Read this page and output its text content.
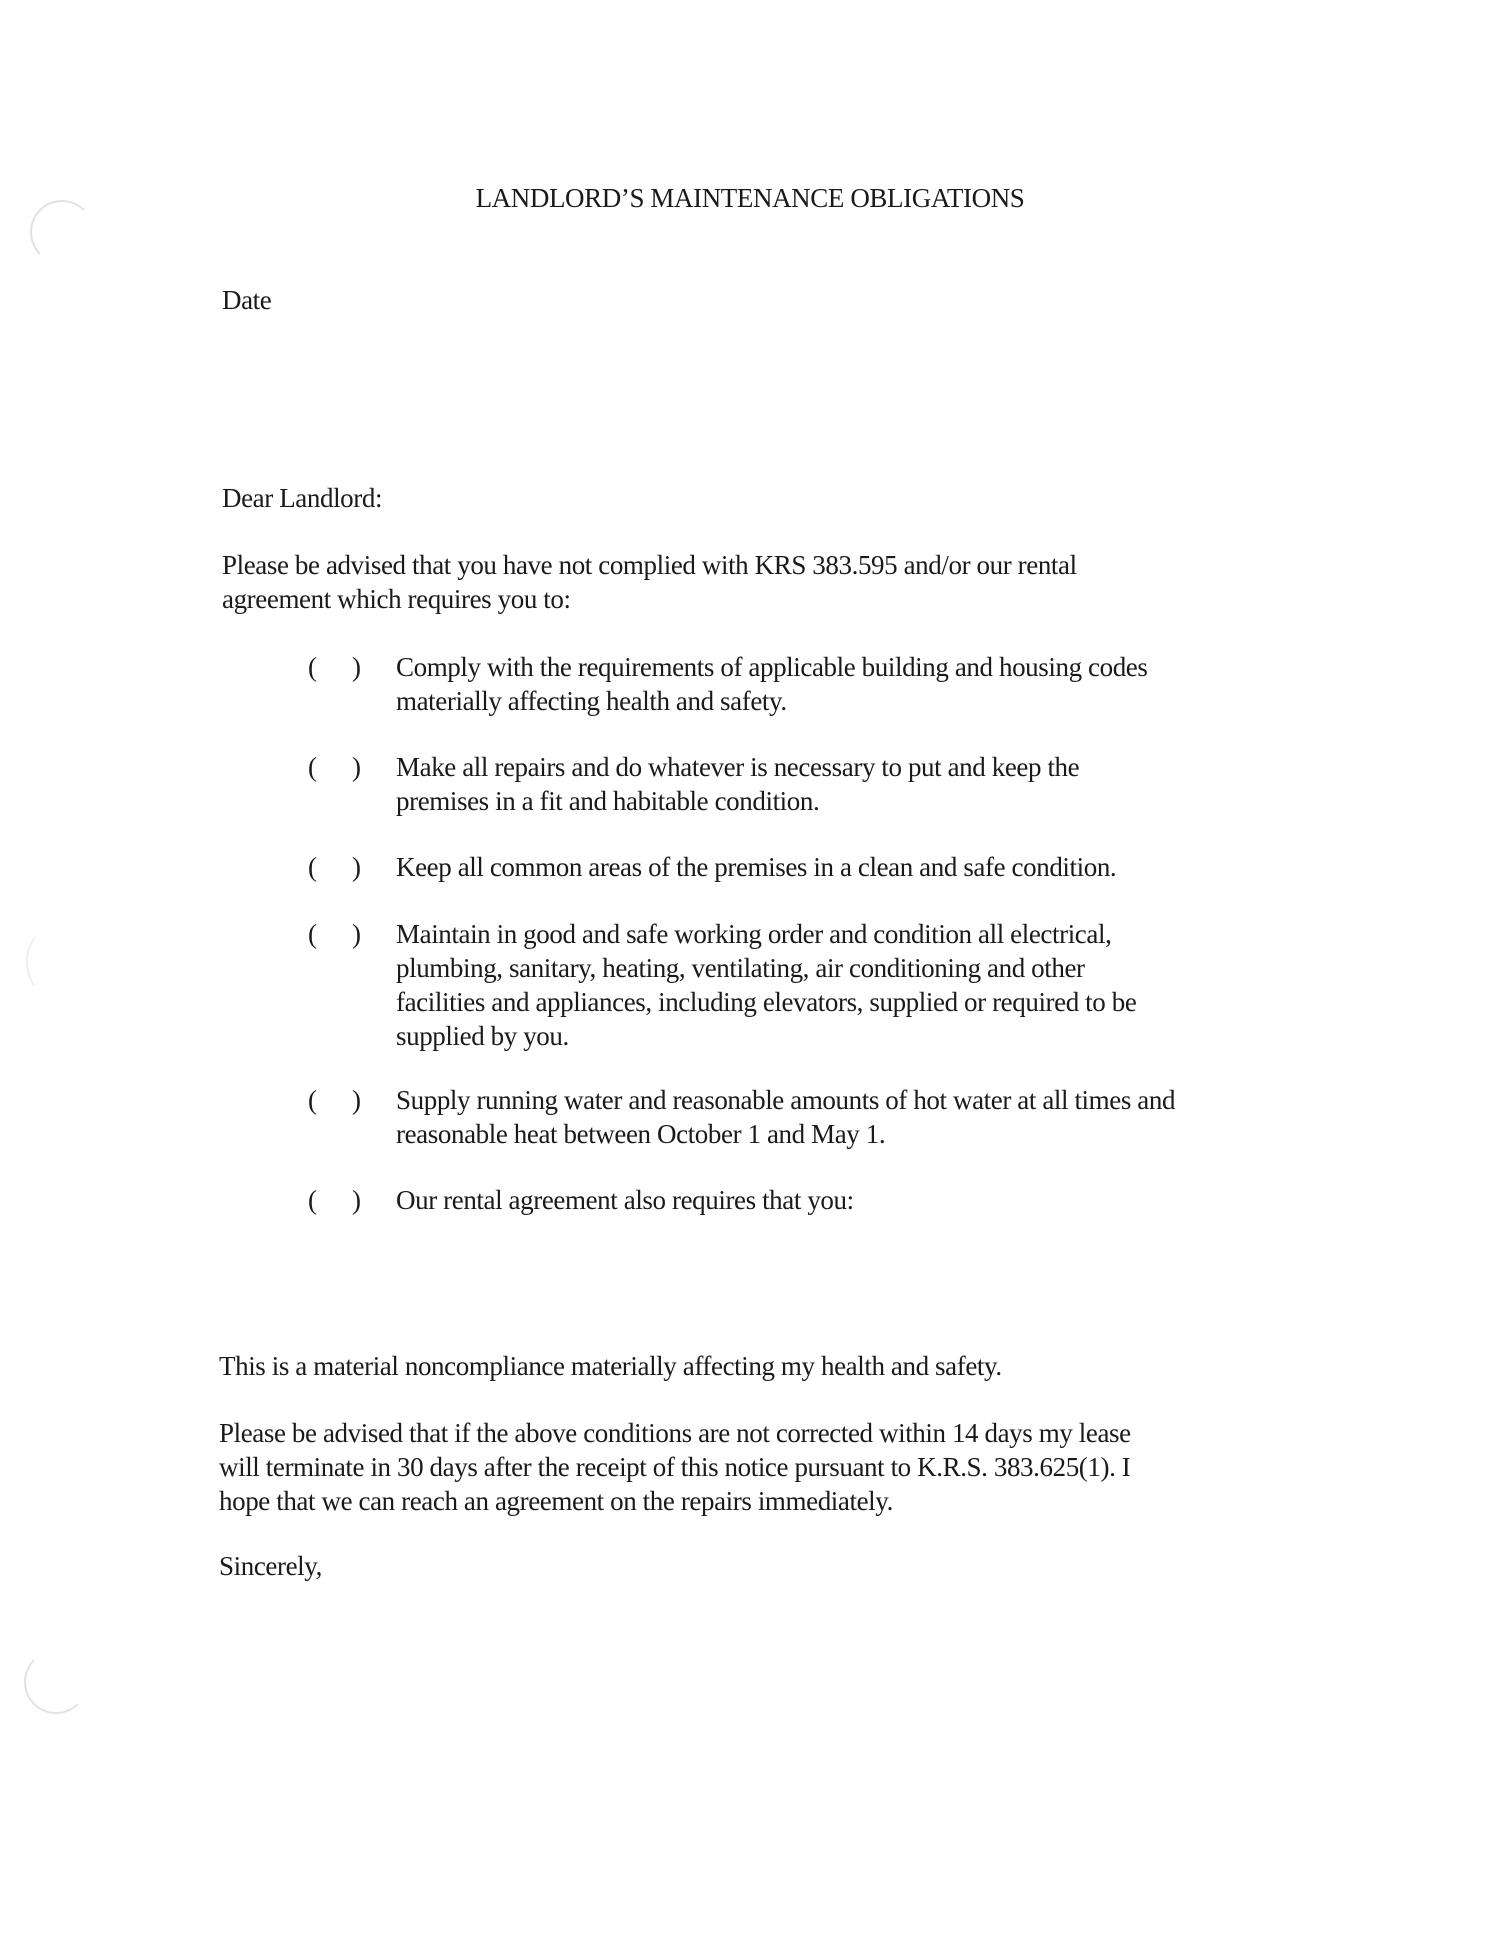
LANDLORD’S MAINTENANCE OBLIGATIONS
Date
Dear Landlord:
Please be advised that you have not complied with KRS 383.595 and/or our rental
agreement which requires you to:
( ) Comply with the requirements of applicable building and housing codes
materially affecting health and safety.
( ) Make all repairs and do whatever is necessary to put and keep the
premises in a fit and habitable condition.
( ) Keep all common areas of the premises in a clean and safe condition.
( ) Maintain in good and safe working order and condition all electrical,
plumbing, sanitary, heating, ventilating, air conditioning and other
facilities and appliances, including elevators, supplied or required to be
supplied by you.
( ) Supply running water and reasonable amounts of hot water at all times and
reasonable heat between October 1 and May 1.
( ) Our rental agreement also requires that you:
This is a material noncompliance materially affecting my health and safety.
Please be advised that if the above conditions are not corrected within 14 days my lease
will terminate in 30 days after the receipt of this notice pursuant to K.R.S. 383.625(1). I
hope that we can reach an agreement on the repairs immediately.
Sincerely,
